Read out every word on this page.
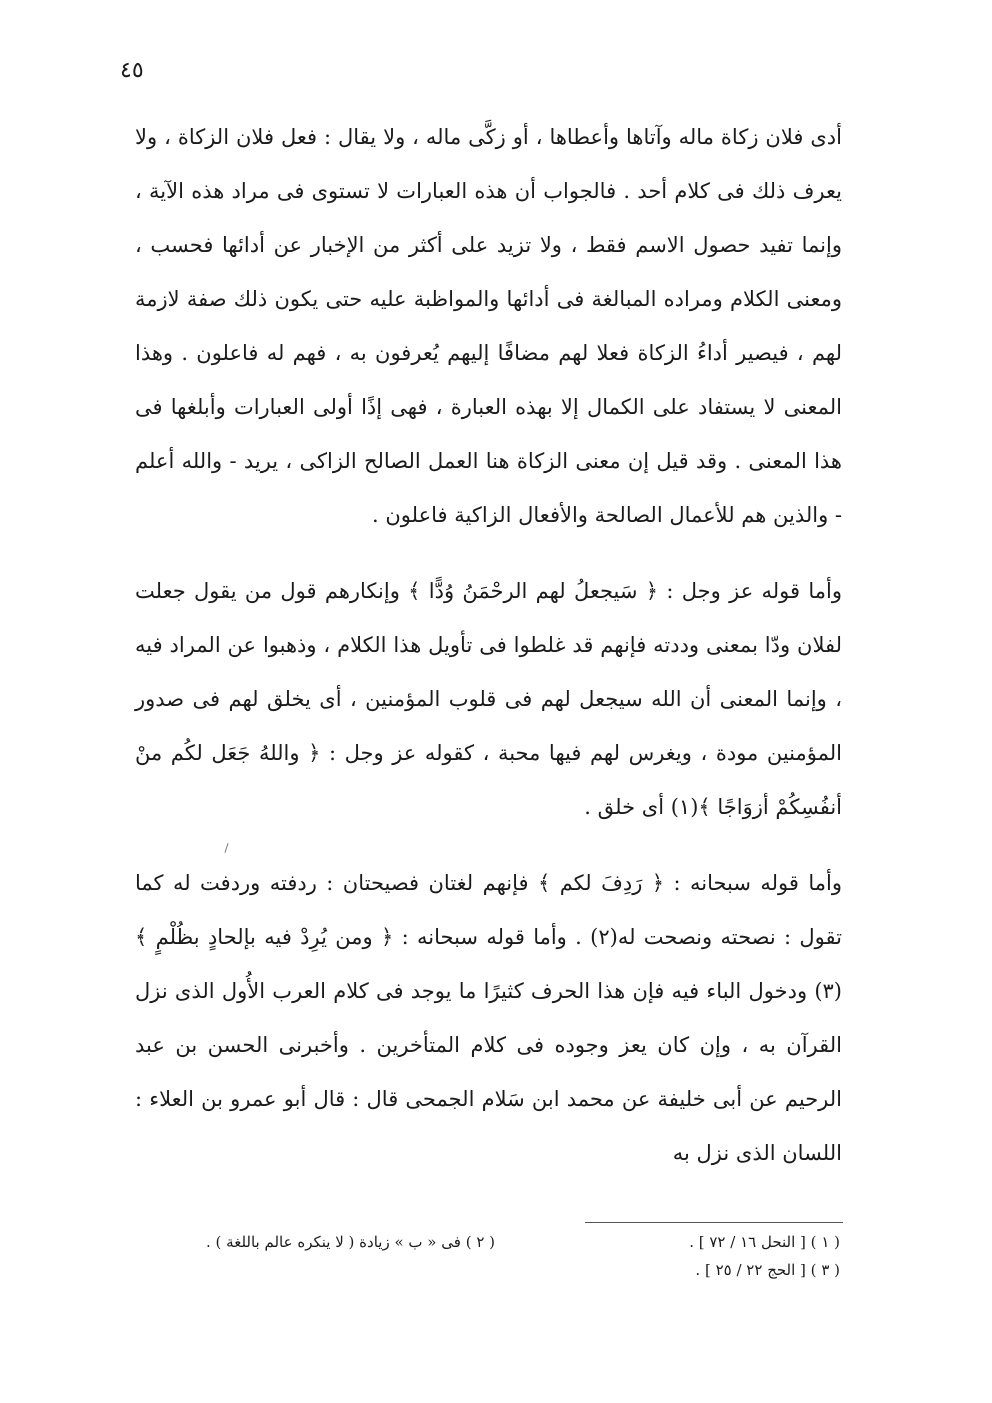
٤٥

أدى فلان زكاة ماله وآتاها وأعطاها ، أو زكَّى ماله ، ولا يقال : فعل فلان الزكاة ، ولا يعرف ذلك فى كلام أحد . فالجواب أن هذه العبارات لا تستوى فى مراد هذه الآية ، وإنما تفيد حصول الاسم فقط ، ولا تزيد على أكثر من الإخبار عن أدائها فحسب ، ومعنى الكلام ومراده المبالغة فى أدائها والمواظبة عليه حتى يكون ذلك صفة لازمة لهم ، فيصير أداءُ الزكاة فعلا لهم مضافًا إليهم يُعرفون به ، فهم له فاعلون . وهذا المعنى لا يستفاد على الكمال إلا بهذه العبارة ، فهى إذًا أولى العبارات وأبلغها فى هذا المعنى . وقد قيل إن معنى الزكاة هنا العمل الصالح الزاكى ، يريد - والله أعلم - والذين هم للأعمال الصالحة والأفعال الزاكية فاعلون .

وأما قوله عز وجل : ﴿ سَيجعلُ لهم الرحْمَنُ وُدًّا ﴾ وإنكارهم قول من يقول جعلت لفلان ودّا بمعنى وددته فإنهم قد غلطوا فى تأويل هذا الكلام ، وذهبوا عن المراد فيه ، وإنما المعنى أن الله سيجعل لهم فى قلوب المؤمنين ، أى يخلق لهم فى صدور المؤمنين مودة ، ويغرس لهم فيها محبة ، كقوله عز وجل : ﴿ واللهُ جَعَل لكُم منْ أنفُسِكُمْ أزوَاجًا ﴾(١) أى خلق .

وأما قوله سبحانه : ﴿ رَدِفَ لكم ﴾ فإنهم لغتان فصيحتان : ردفته وردفت له كما تقول : نصحته ونصحت له(٢) . وأما قوله سبحانه : ﴿ ومن يُرِدْ فيه بإلحادٍ بظُلْمٍ ﴾(٣) ودخول الباء فيه فإن هذا الحرف كثيرًا ما يوجد فى كلام العرب الأُول الذى نزل القرآن به ، وإن كان يعز وجوده فى كلام المتأخرين . وأخبرنى الحسن بن عبد الرحيم عن أبى خليفة عن محمد ابن سَلام الجمحى قال : قال أبو عمرو بن العلاء : اللسان الذى نزل به

( ١ ) [ النحل ١٦ / ٧٢ ] .
( ٣ ) [ الحج ٢٢ / ٢٥ ] .
( ٢ ) فى « ب » زيادة ( لا ينكره عالم باللغة ) .
